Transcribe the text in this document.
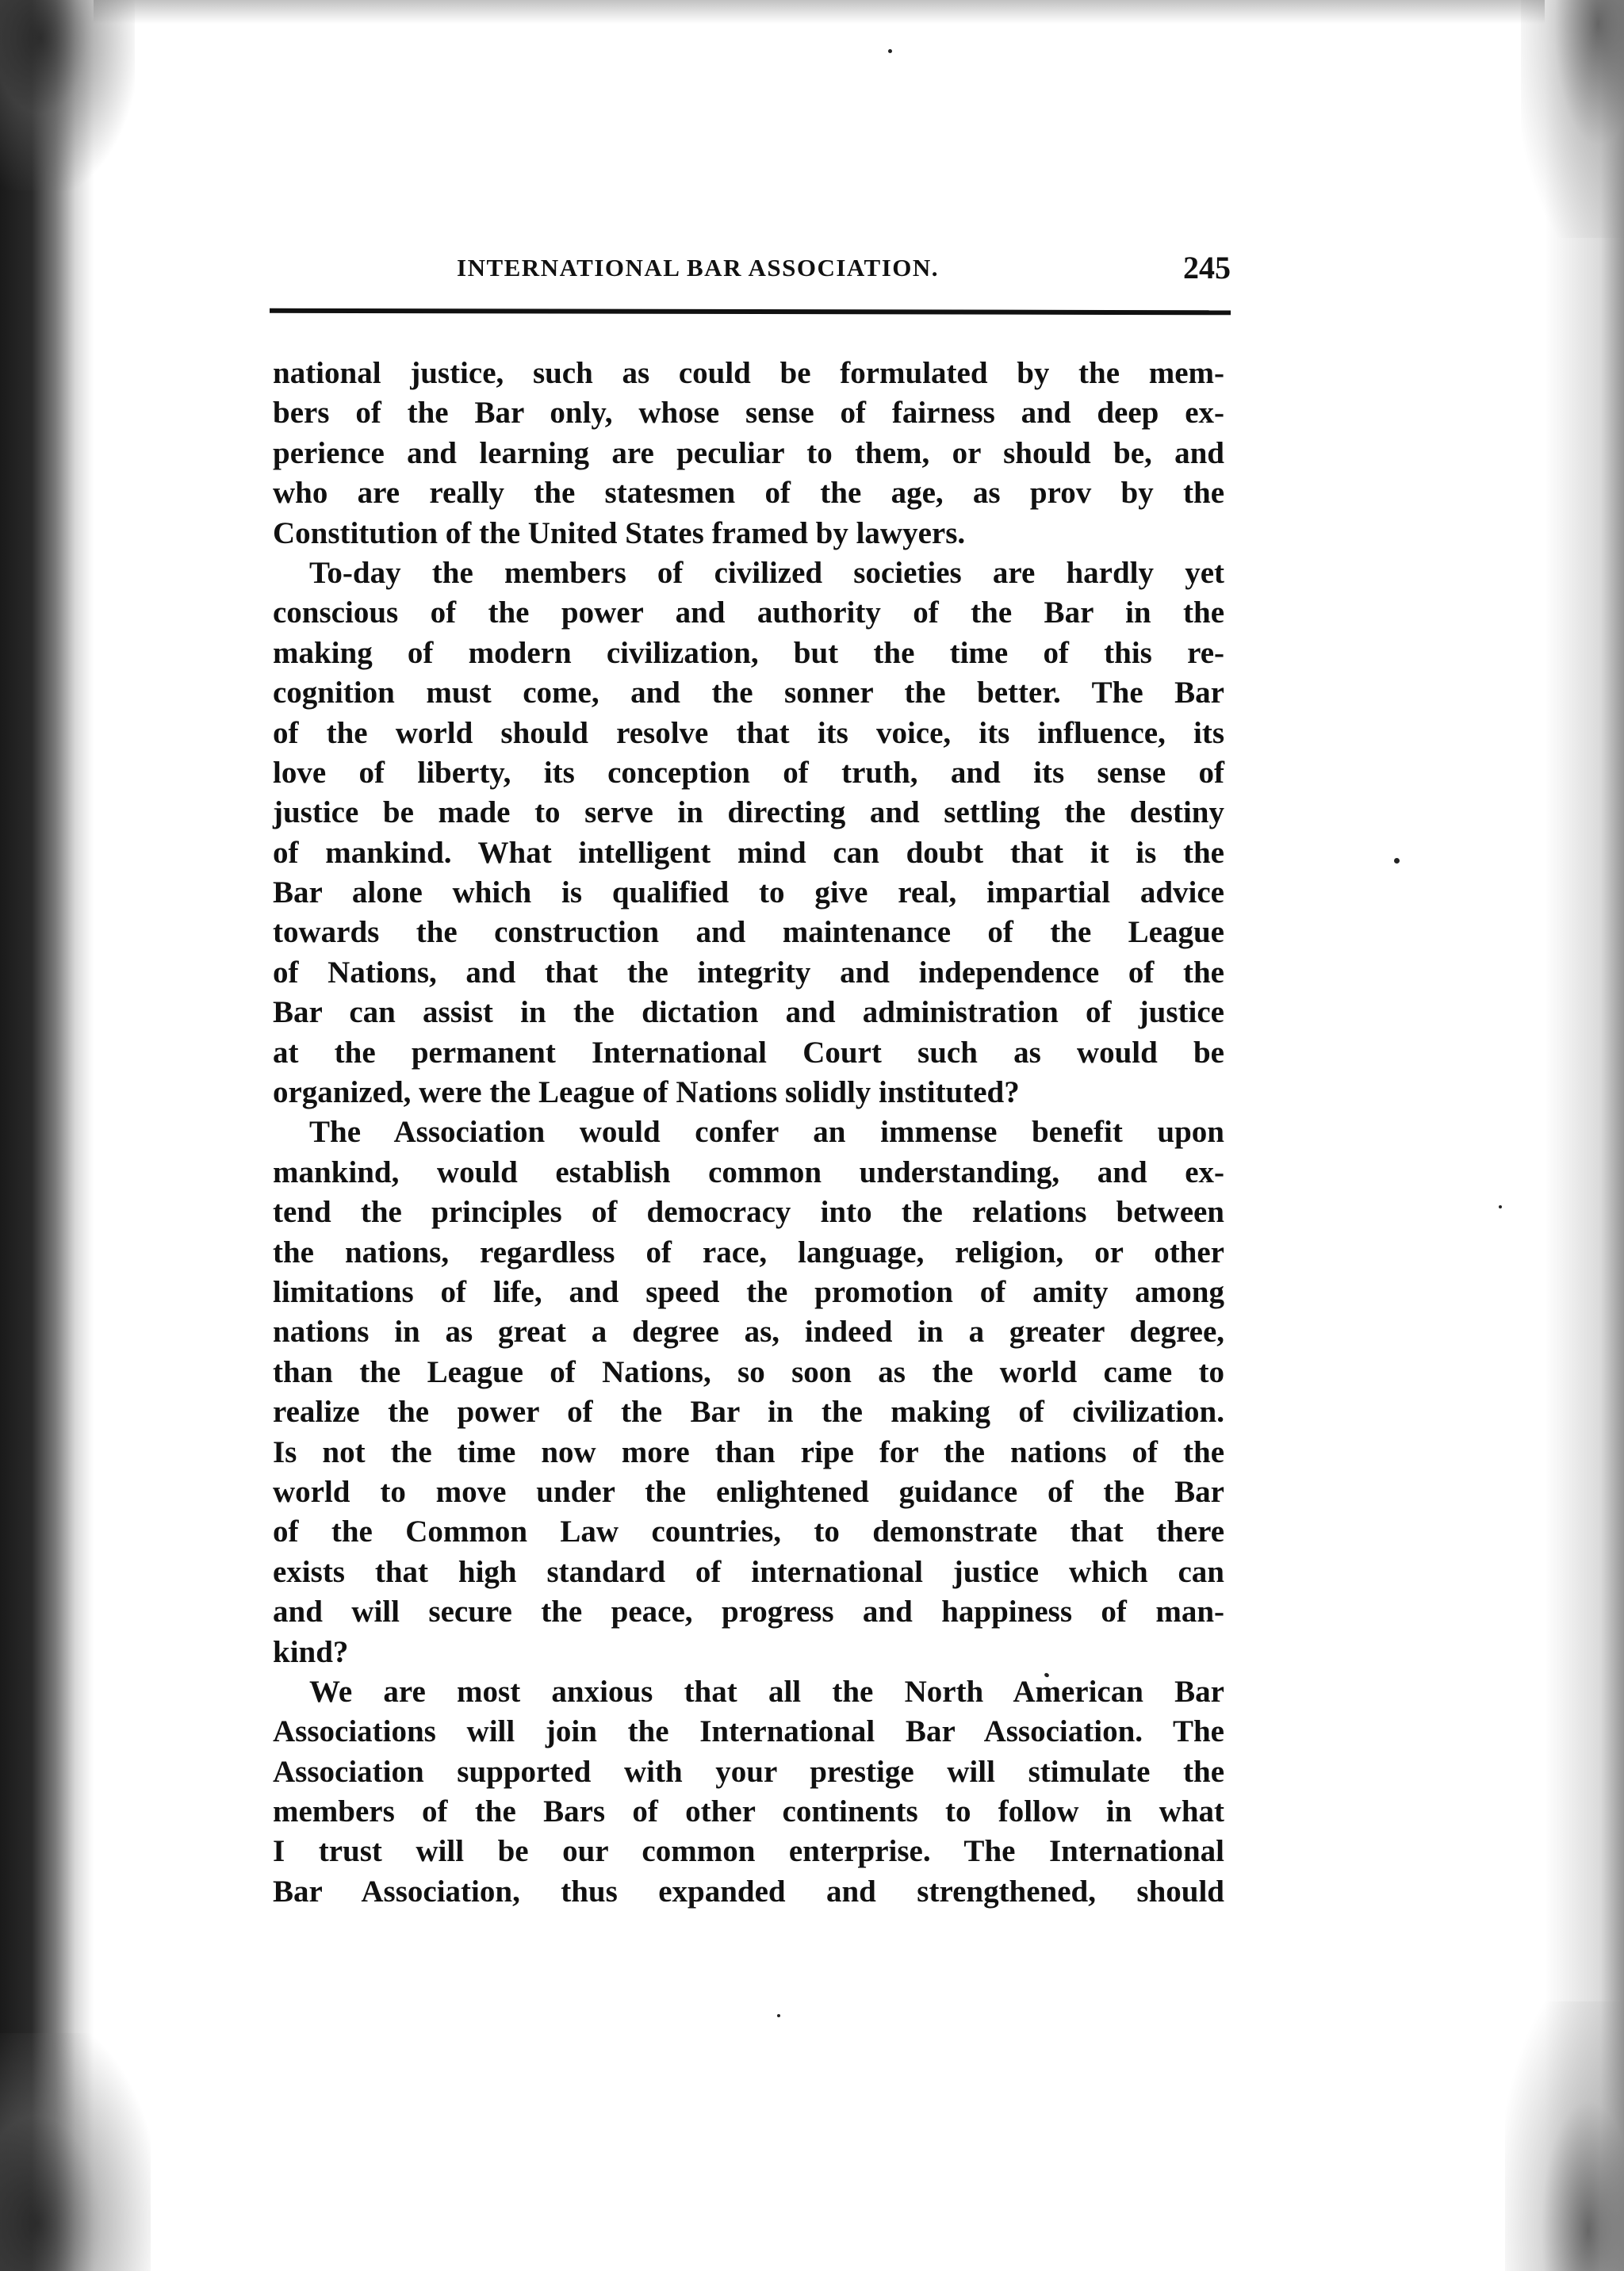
INTERNATIONAL BAR ASSOCIATION.	245
national justice, such as could be formulated by the mem-
bers of the Bar only, whose sense of fairness and deep ex-
perience and learning are peculiar to them, or should be, and
who are really the statesmen of the age, as prov by the
Constitution of the United States framed by lawyers.
To-day the members of civilized societies are hardly yet
conscious of the power and authority of the Bar in the
making of modern civilization, but the time of this re-
cognition must come, and the sonner the better. The Bar
of the world should resolve that its voice, its influence, its
love of liberty, its conception of truth, and its sense of
justice be made to serve in directing and settling the destiny
of mankind. What intelligent mind can doubt that it is the
Bar alone which is qualified to give real, impartial advice
towards the construction and maintenance of the League
of Nations, and that the integrity and independence of the
Bar can assist in the dictation and administration of justice
at the permanent International Court such as would be
organized, were the League of Nations solidly instituted?
The Association would confer an immense benefit upon
mankind, would establish common understanding, and ex-
tend the principles of democracy into the relations between
the nations, regardless of race, language, religion, or other
limitations of life, and speed the promotion of amity among
nations in as great a degree as, indeed in a greater degree,
than the League of Nations, so soon as the world came to
realize the power of the Bar in the making of civilization.
Is not the time now more than ripe for the nations of the
world to move under the enlightened guidance of the Bar
of the Common Law countries, to demonstrate that there
exists that high standard of international justice which can
and will secure the peace, progress and happiness of man-
kind?
We are most anxious that all the North American Bar
Associations will join the International Bar Association. The
Association supported with your prestige will stimulate the
members of the Bars of other continents to follow in what
I trust will be our common enterprise. The International
Bar Association, thus expanded and strengthened, should
